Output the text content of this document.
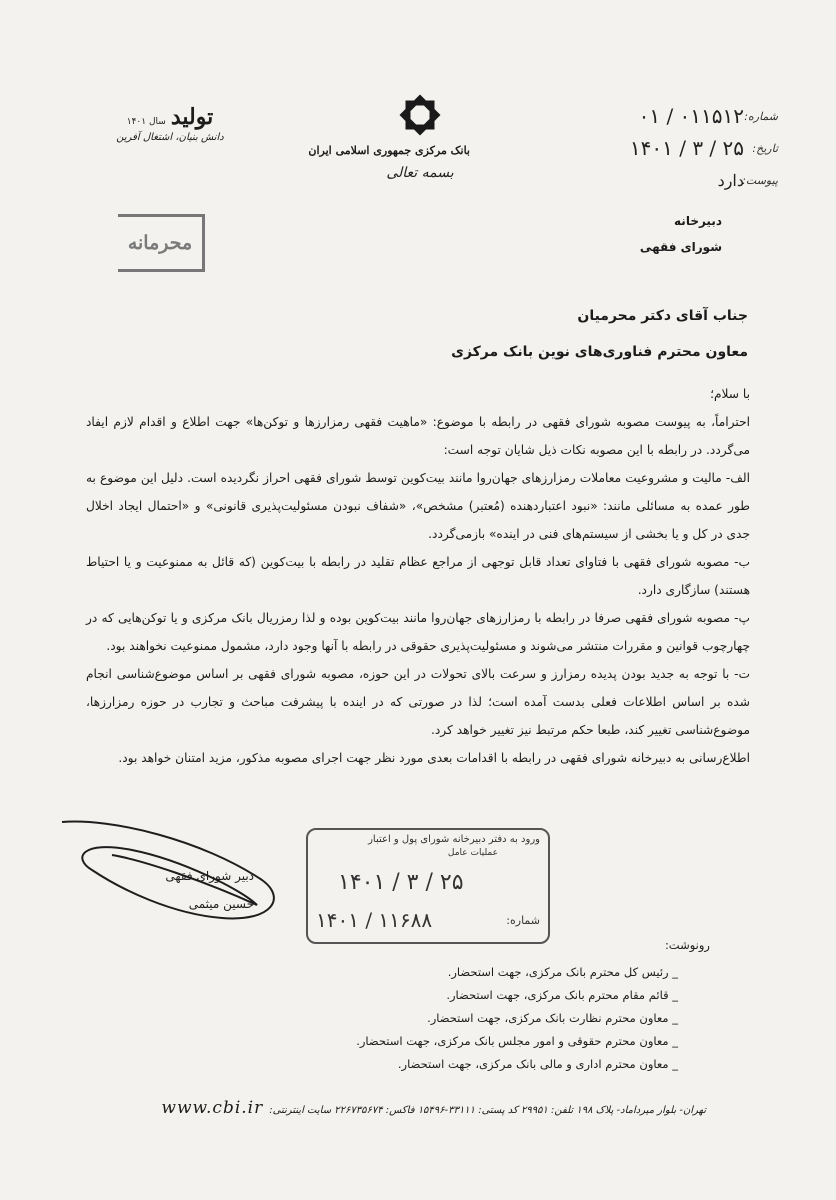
شماره:
۰۱ / ۰۱۱۵۱۲
تاریخ:
۱۴۰۱ / ۳ / ۲۵
پیوست:
دارد
بانک مرکزی جمهوری اسلامی ایران
بسمه تعالی
تولید سال ۱۴۰۱
دانش بنیان، اشتغال آفرین
محرمانه
دبیرخانه
شورای فقهی
جناب آقای دکتر محرمیان
معاون محترم فناوری‌های نوین بانک مرکزی

با سلام؛

احتراماً، به پیوست مصوبه شورای فقهی در رابطه با موضوع: «ماهیت فقهی رمزارزها و توکن‌ها» جهت اطلاع و اقدام لازم ایفاد می‌گردد. در رابطه با این مصوبه نکات ذیل شایان توجه است:

الف- مالیت و مشروعیت معاملات رمزارزهای جهان‌روا مانند بیت‌کوین توسط شورای فقهی احراز نگردیده است. دلیل این موضوع به طور عمده به مسائلی مانند: «نبود اعتباردهنده (مُعتبر) مشخص»، «شفاف نبودن مسئولیت‌پذیری قانونی» و «احتمال ایجاد اخلال جدی در کل و یا بخشی از سیستم‌های فنی در اینده» بازمی‌گردد.

ب- مصوبه شورای فقهی با فتاوای تعداد قابل توجهی از مراجع عظام تقلید در رابطه با بیت‌کوین (که قائل به ممنوعیت و یا احتیاط هستند) سازگاری دارد.

پ- مصوبه شورای فقهی صرفا در رابطه با رمزارزهای جهان‌روا مانند بیت‌کوین بوده و لذا رمزریال بانک مرکزی و یا توکن‌هایی که در چهارچوب قوانین و مقررات منتشر می‌شوند و مسئولیت‌پذیری حقوقی در رابطه با آنها وجود دارد، مشمول ممنوعیت نخواهند بود.

ت- با توجه به جدید بودن پدیده رمزارز و سرعت بالای تحولات در این حوزه، مصوبه شورای فقهی بر اساس موضوع‌شناسی انجام شده بر اساس اطلاعات فعلی بدست آمده است؛ لذا در صورتی که در اینده با پیشرفت مباحث و تجارب در حوزه رمزارزها، موضوع‌شناسی تغییر کند، طبعا حکم مرتبط نیز تغییر خواهد کرد.

اطلاع‌رسانی به دبیرخانه شورای فقهی در رابطه با اقدامات بعدی مورد نظر جهت اجرای مصوبه مذکور، مزید امتنان خواهد بود.

دبیر شورای فقهی
حسین میثمی
ورود به دفتر دبیرخانه شورای پول و اعتبار
عملیات عامل
۱۴۰۱ / ۳ / ۲۵
شماره:
۱۴۰۱ / ۱۱۶۸۸
رونوشت:
_ رئیس کل محترم بانک مرکزی، جهت استحضار.
_ قائم مقام محترم بانک مرکزی، جهت استحضار.
_ معاون محترم نظارت بانک مرکزی، جهت استحضار.
_ معاون محترم حقوقی و امور مجلس بانک مرکزی، جهت استحضار.
_ معاون محترم اداری و مالی بانک مرکزی، جهت استحضار.
تهران- بلوار میرداماد- پلاک ۱۹۸ تلفن: ۲۹۹۵۱ کد پستی: ۳۳۱۱۱-۱۵۴۹۶ فاکس: ۲۲۶۷۳۵۶۷۴ سایت اینترنتی:
www.cbi.ir
